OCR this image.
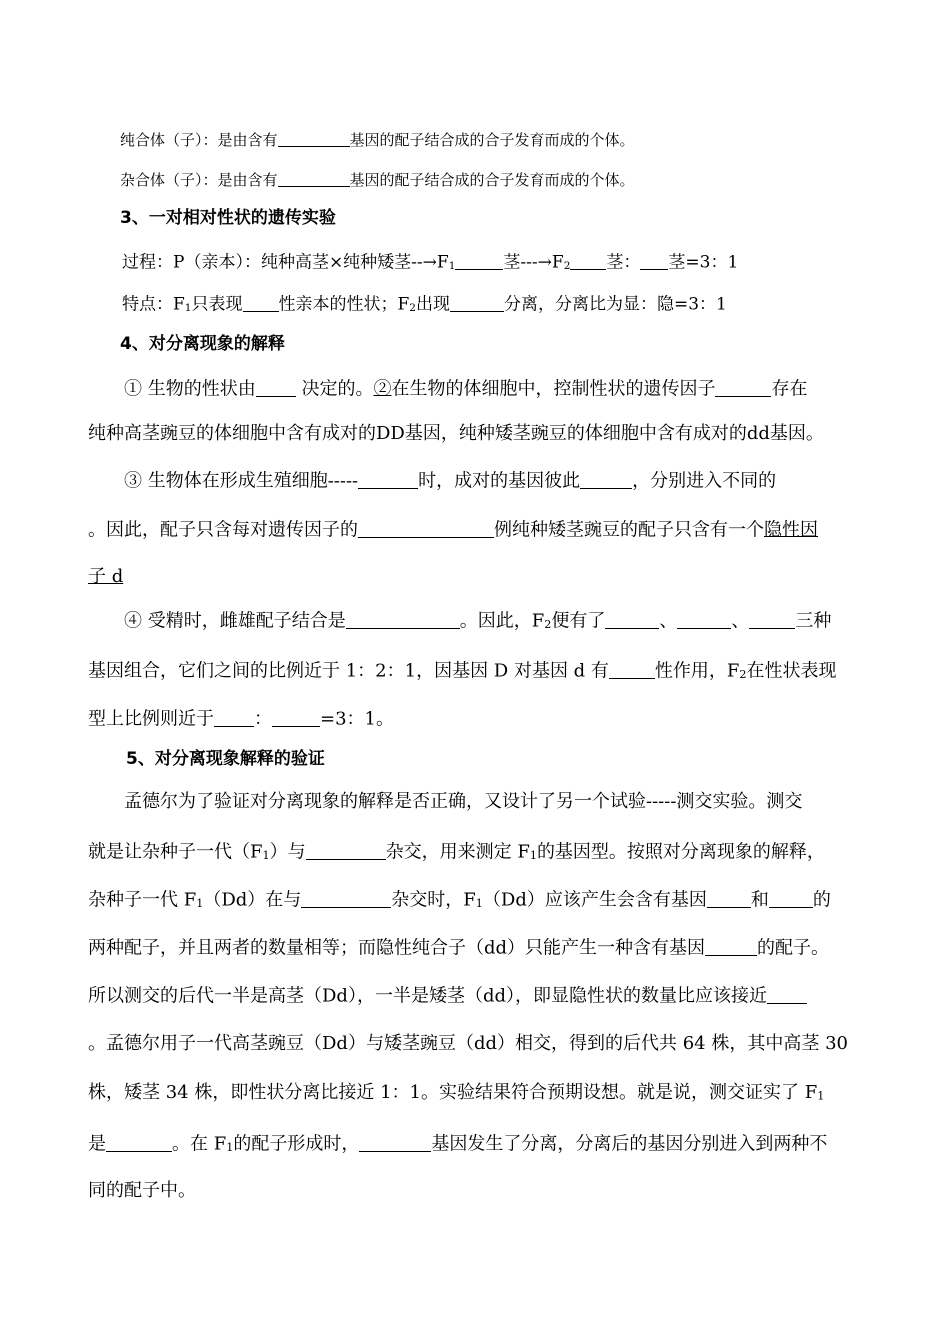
纯合体（子）：是由含有	基因的配子结合成的合子发育而成的个体。
杂合体（子）：是由含有	基因的配子结合成的合子发育而成的个体。
3、一对相对性状的遗传实验
过程：P（亲本）：纯种高茎×纯种矮茎$--\to F_1$	茎$---\to F_2$ 茎： 茎=3：1
特点：$F_1$只表现 性亲本的性状；$F_2$出现	分离，分离比为显：隐=3：1
4、对分离现象的解释
① 生物的性状由 决定的。②在生物的体细胞中，控制性状的遗传因子	存在
纯种高茎豌豆的体细胞中含有成对的DD基因，纯种矮茎豌豆的体细胞中含有成对的dd基因。
③ 生物体在形成生殖细胞-----	时，成对的基因彼此	，分别进入不同的
。因此，配子只含每对遗传因子的	例纯种矮茎豌豆的配子只含有一个隐性因
子 d
④ 受精时，雌雄配子结合是	。因此，$F_2$便有了	、	、	三种
基因组合，它们之间的比例近于 1：2：1，因基因 D 对基因 d 有	性作用，$F_2$在性状表现
型上比例则近于 ：	=3：1。
5、对分离现象解释的验证
孟德尔为了验证对分离现象的解释是否正确，又设计了另一个试验-----测交实验。测交
就是让杂种子一代$(F_1)$与	杂交，用来测定 $F_1$的基因型。按照对分离现象的解释，
杂种子一代 $F_1(Dd)$在与	杂交时，$F_1(Dd)$应该产生会含有基因 和 的
两种配子，并且两者的数量相等；而隐性纯合子（dd）只能产生一种含有基因	的配子。
所以测交的后代一半是高茎（Dd），一半是矮茎（dd），即显隐性状的数量比应该接近
。孟德尔用子一代高茎豌豆（Dd）与矮茎豌豆（dd）相交，得到的后代共 64 株，其中高茎 30
株，矮茎 34 株，即性状分离比接近 1：1。实验结果符合预期设想。就是说，测交证实了 $F_1$
是	。在 $F_1$的配子形成时，	基因发生了分离，分离后的基因分别进入到两种不
同的配子中。
